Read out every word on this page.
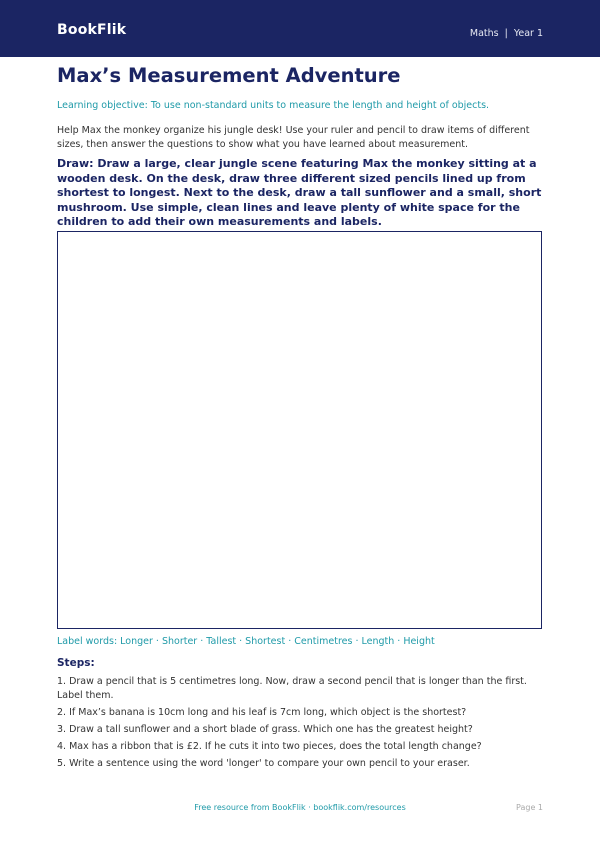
BookFlik	Maths | Year 1
Max’s Measurement Adventure
Learning objective: To use non-standard units to measure the length and height of objects.
Help Max the monkey organize his jungle desk! Use your ruler and pencil to draw items of different sizes, then answer the questions to show what you have learned about measurement.
Draw: Draw a large, clear jungle scene featuring Max the monkey sitting at a wooden desk. On the desk, draw three different sized pencils lined up from shortest to longest. Next to the desk, draw a tall sunflower and a small, short mushroom. Use simple, clean lines and leave plenty of white space for the children to add their own measurements and labels.
Label words: Longer · Shorter · Tallest · Shortest · Centimetres · Length · Height
Steps:
1. Draw a pencil that is 5 centimetres long. Now, draw a second pencil that is longer than the first. Label them.
2. If Max’s banana is 10cm long and his leaf is 7cm long, which object is the shortest?
3. Draw a tall sunflower and a short blade of grass. Which one has the greatest height?
4. Max has a ribbon that is £2. If he cuts it into two pieces, does the total length change?
5. Write a sentence using the word 'longer' to compare your own pencil to your eraser.
Free resource from BookFlik · bookflik.com/resources	Page 1
